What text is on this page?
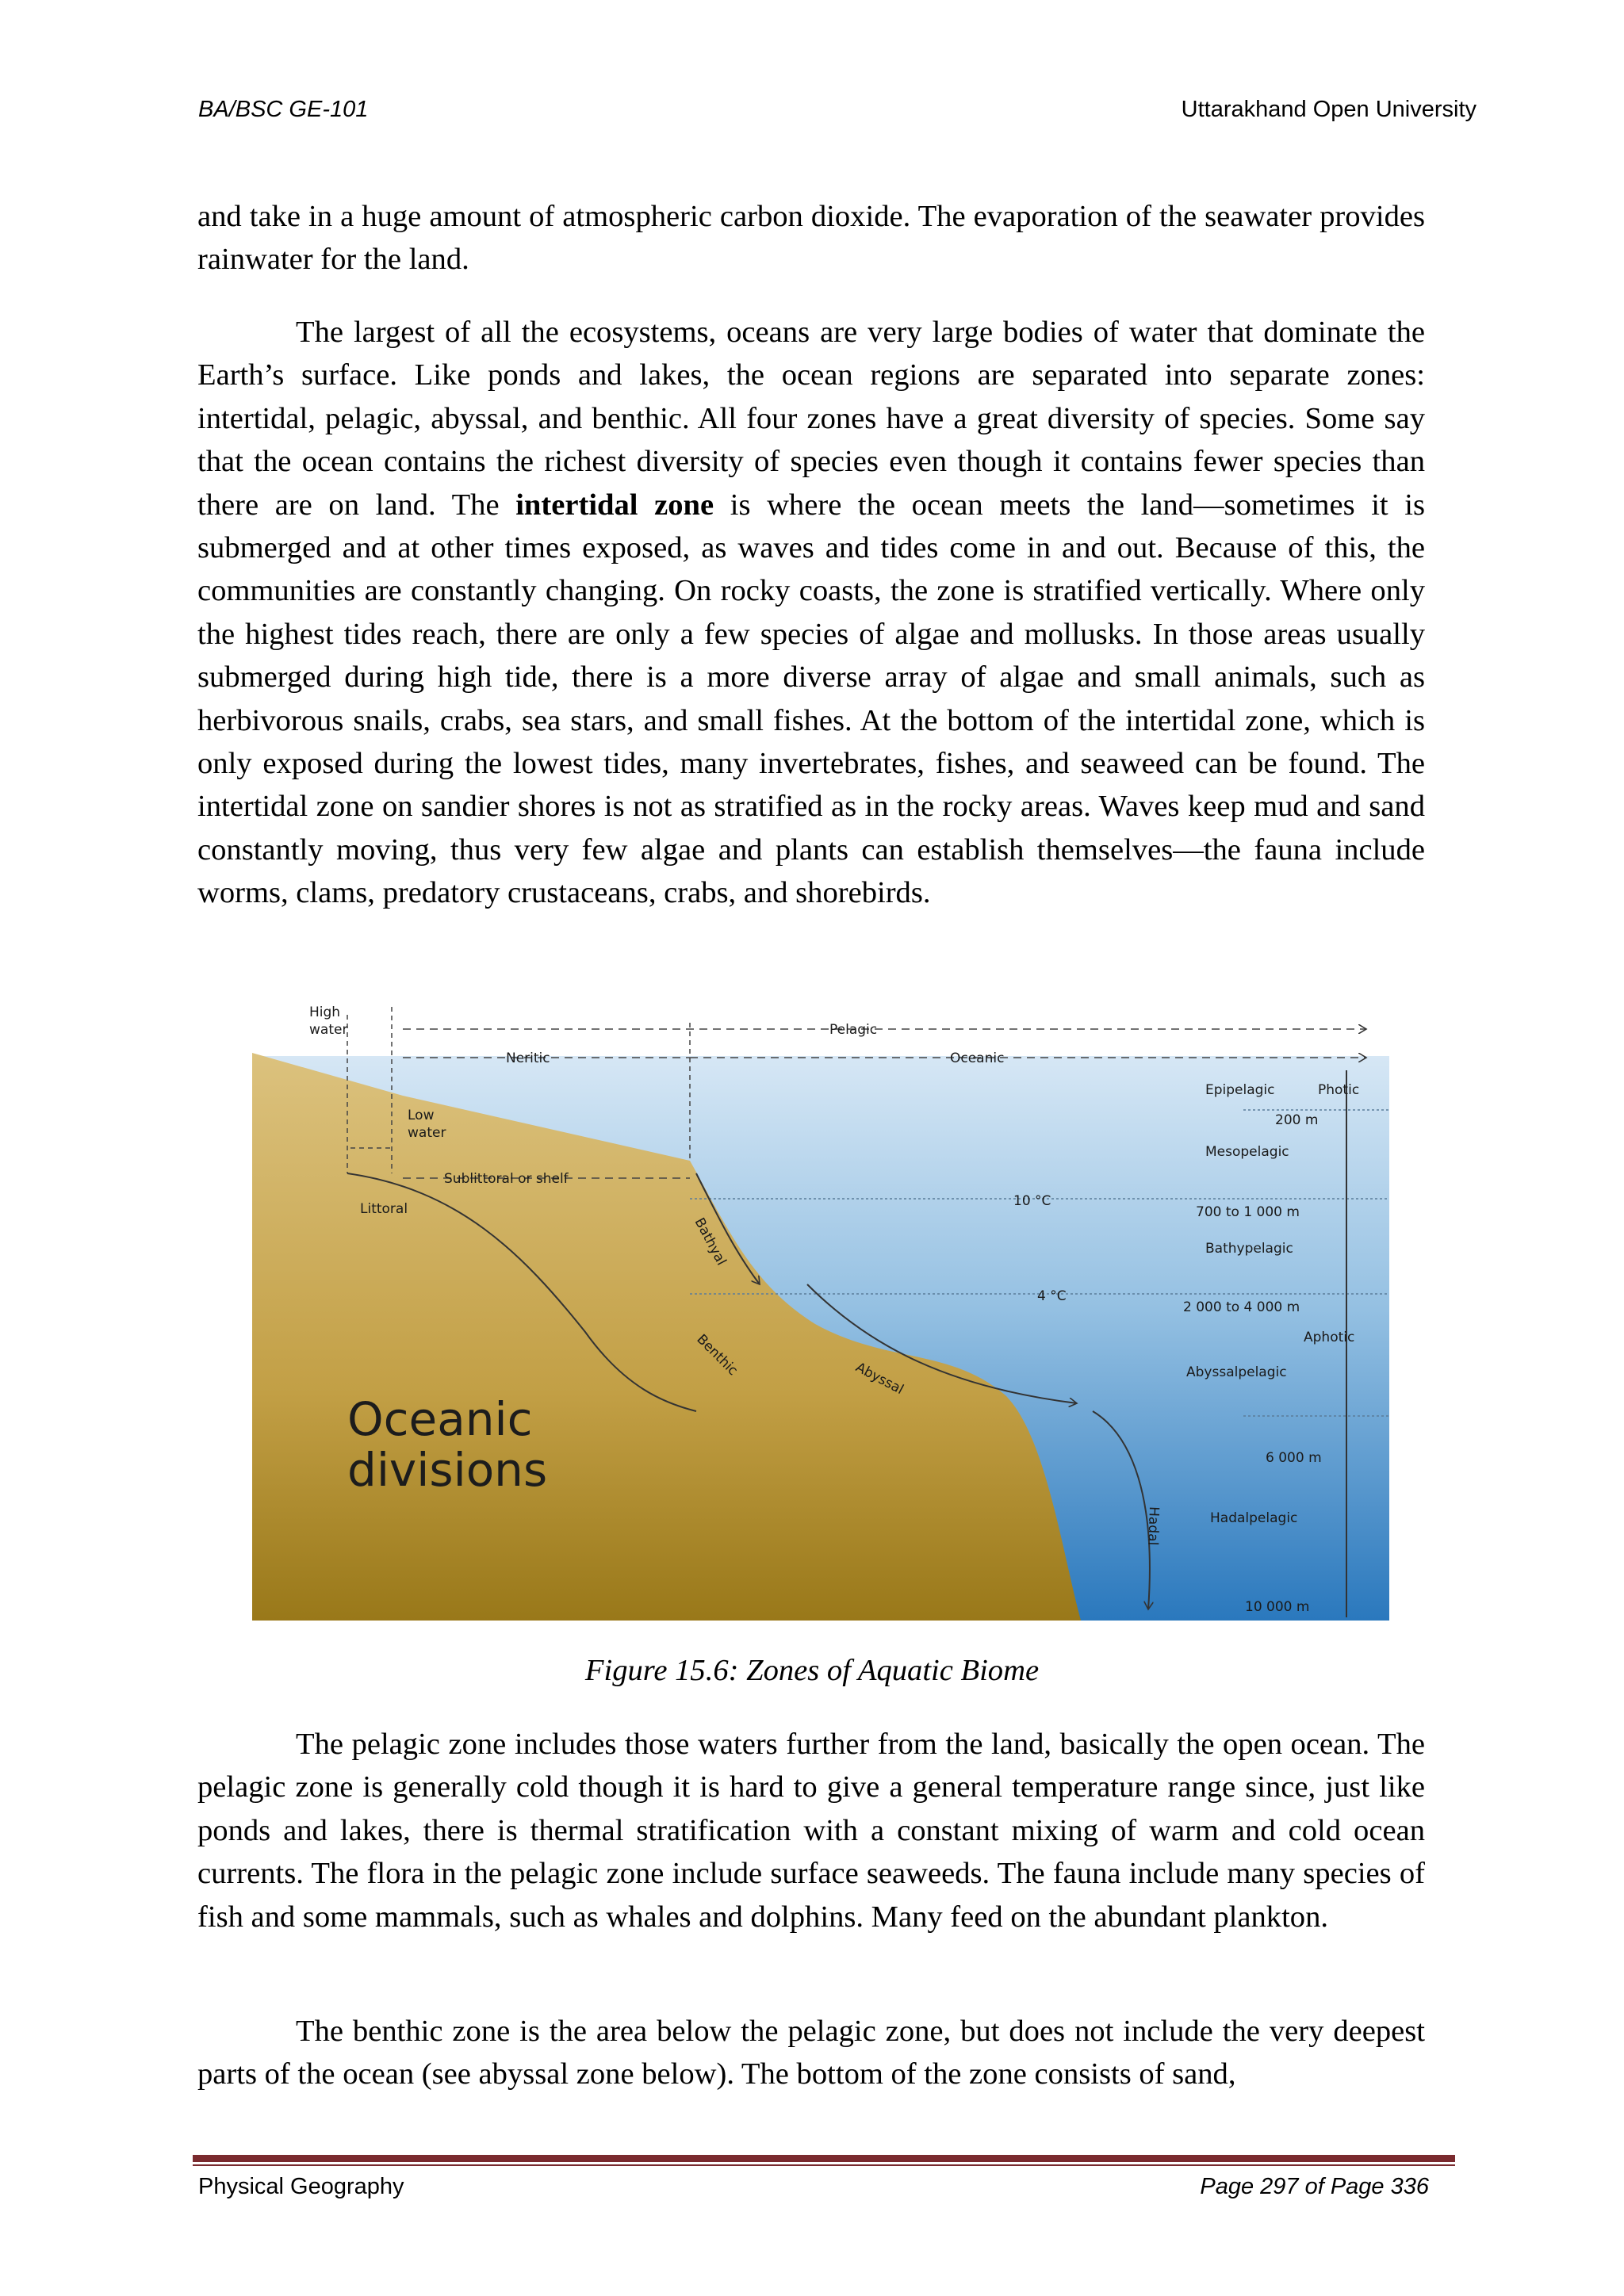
BA/BSC GE-101	Uttarakhand Open University

and take in a huge amount of atmospheric carbon dioxide. The evaporation of the seawater provides rainwater for the land.

The largest of all the ecosystems, oceans are very large bodies of water that dominate the Earth’s surface. Like ponds and lakes, the ocean regions are separated into separate zones: intertidal, pelagic, abyssal, and benthic. All four zones have a great diversity of species. Some say that the ocean contains the richest diversity of species even though it contains fewer species than there are on land. The intertidal zone is where the ocean meets the land—sometimes it is submerged and at other times exposed, as waves and tides come in and out. Because of this, the communities are constantly changing. On rocky coasts, the zone is stratified vertically. Where only the highest tides reach, there are only a few species of algae and mollusks. In those areas usually submerged during high tide, there is a more diverse array of algae and small animals, such as herbivorous snails, crabs, sea stars, and small fishes. At the bottom of the intertidal zone, which is only exposed during the lowest tides, many invertebrates, fishes, and seaweed can be found. The intertidal zone on sandier shores is not as stratified as in the rocky areas. Waves keep mud and sand constantly moving, thus very few algae and plants can establish themselves—the fauna include worms, clams, predatory crustaceans, crabs, and shorebirds.

High
water	Pelagic
Neritic	Oceanic
Epipelagic	Photic
200 m
Low
water
Mesopelagic
Sublittoral or shelf
Littoral	10 °C
700 to 1 000 m
Bathyal	Bathypelagic
4 °C
2 000 to 4 000 m
Aphotic
Benthic	Abyssal	Abyssalpelagic
Oceanic
divisions	6 000 m
Hadal	Hadalpelagic
10 000 m
Figure 15.6: Zones of Aquatic Biome

The pelagic zone includes those waters further from the land, basically the open ocean. The pelagic zone is generally cold though it is hard to give a general temperature range since, just like ponds and lakes, there is thermal stratification with a constant mixing of warm and cold ocean currents. The flora in the pelagic zone include surface seaweeds. The fauna include many species of fish and some mammals, such as whales and dolphins. Many feed on the abundant plankton.

The benthic zone is the area below the pelagic zone, but does not include the very deepest parts of the ocean (see abyssal zone below). The bottom of the zone consists of sand,

Physical Geography	Page 297 of Page 336
